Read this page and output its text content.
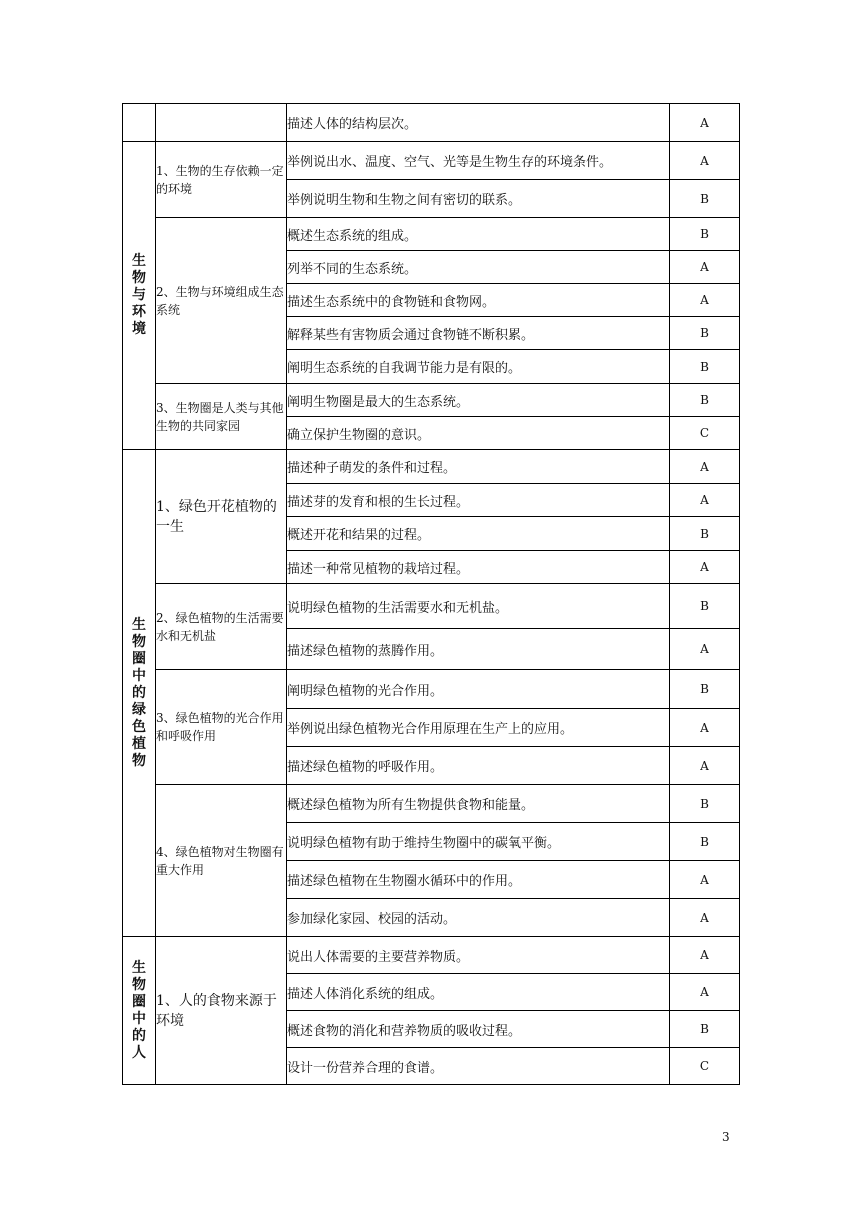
		描述人体的结构层次。	A
生物与环境	1、生物的生存依赖一定的环境	举例说出水、温度、空气、光等是生物生存的环境条件。	A
		举例说明生物和生物之间有密切的联系。	B
	2、生物与环境组成生态系统	概述生态系统的组成。	B
		列举不同的生态系统。	A
		描述生态系统中的食物链和食物网。	A
		解释某些有害物质会通过食物链不断积累。	B
		阐明生态系统的自我调节能力是有限的。	B
	3、生物圈是人类与其他生物的共同家园	阐明生物圈是最大的生态系统。	B
		确立保护生物圈的意识。	C
生物圈中的绿色植物	1、绿色开花植物的一生	描述种子萌发的条件和过程。	A
		描述芽的发育和根的生长过程。	A
		概述开花和结果的过程。	B
		描述一种常见植物的栽培过程。	A
	2、绿色植物的生活需要水和无机盐	说明绿色植物的生活需要水和无机盐。	B
		描述绿色植物的蒸腾作用。	A
	3、绿色植物的光合作用和呼吸作用	阐明绿色植物的光合作用。	B
		举例说出绿色植物光合作用原理在生产上的应用。	A
		描述绿色植物的呼吸作用。	A
	4、绿色植物对生物圈有重大作用	概述绿色植物为所有生物提供食物和能量。	B
		说明绿色植物有助于维持生物圈中的碳氧平衡。	B
		描述绿色植物在生物圈水循环中的作用。	A
		参加绿化家园、校园的活动。	A
生物圈中的人	1、人的食物来源于环境	说出人体需要的主要营养物质。	A
		描述人体消化系统的组成。	A
		概述食物的消化和营养物质的吸收过程。	B
		设计一份营养合理的食谱。	C
3
